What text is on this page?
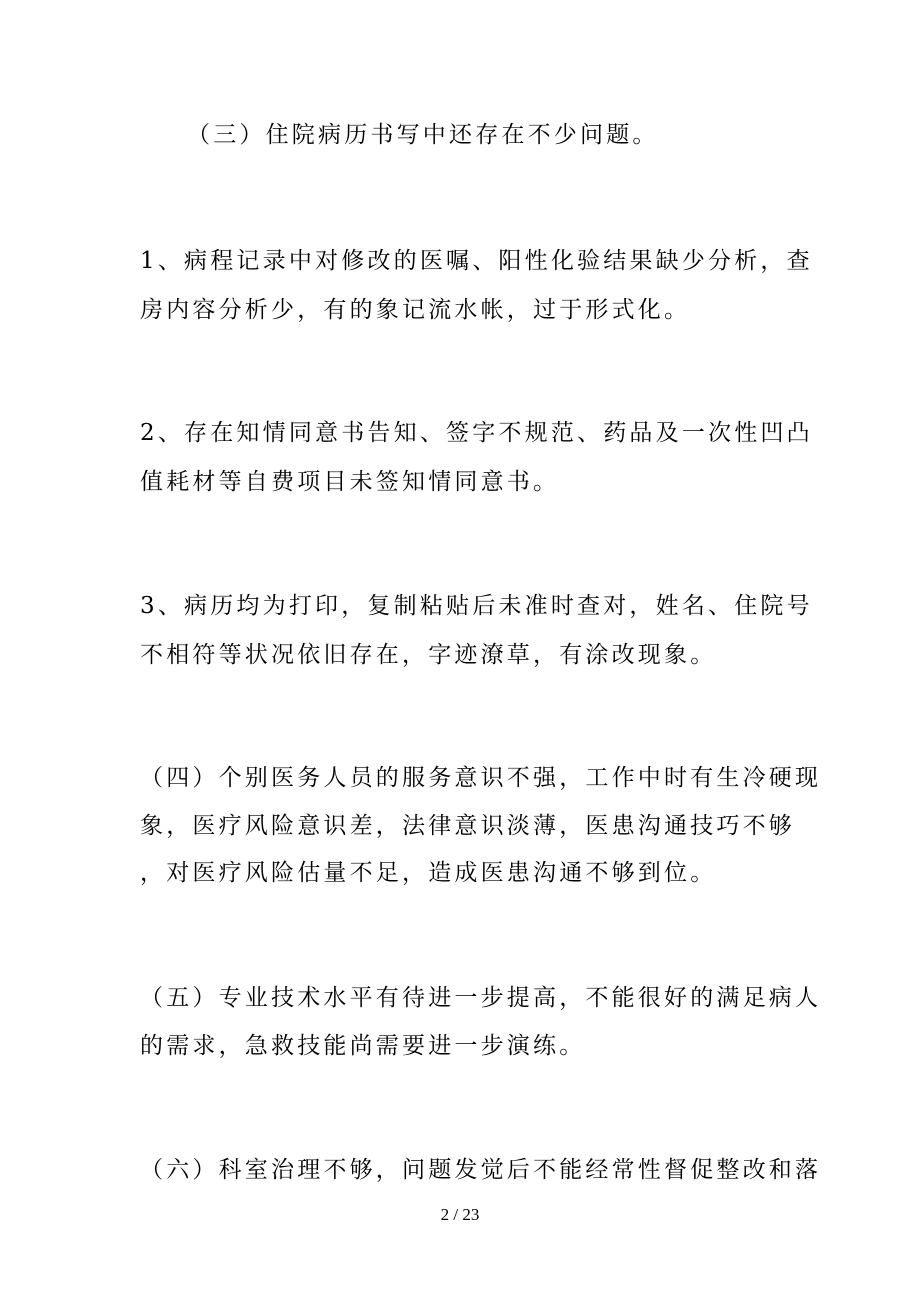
（三）住院病历书写中还存在不少问题。
1、病程记录中对修改的医嘱、阳性化验结果缺少分析，查
房内容分析少，有的象记流水帐，过于形式化。
2、存在知情同意书告知、签字不规范、药品及一次性凹凸
值耗材等自费项目未签知情同意书。
3、病历均为打印，复制粘贴后未准时查对，姓名、住院号
不相符等状况依旧存在，字迹潦草，有涂改现象。
（四）个别医务人员的服务意识不强，工作中时有生冷硬现
象，医疗风险意识差，法律意识淡薄，医患沟通技巧不够
，对医疗风险估量不足，造成医患沟通不够到位。
（五）专业技术水平有待进一步提高，不能很好的满足病人
的需求，急救技能尚需要进一步演练。
（六）科室治理不够，问题发觉后不能经常性督促整改和落
2 / 23
